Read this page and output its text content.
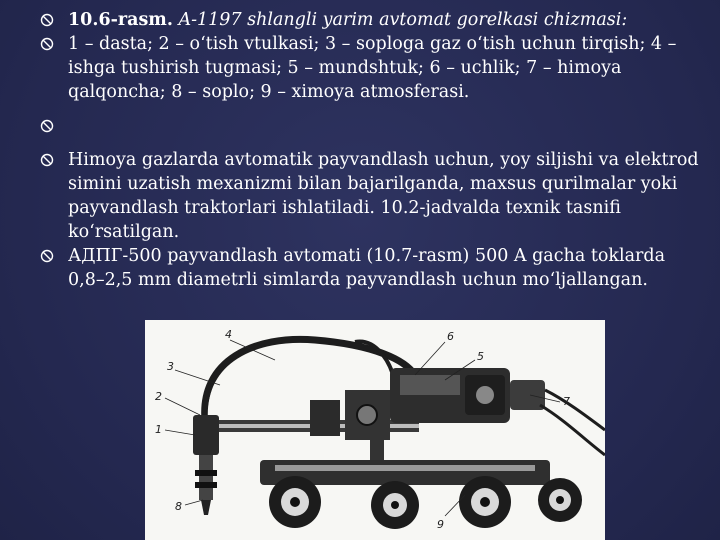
10.6-rasm. A-1197 shlangli yarim avtomat gorelkasi chizmasi:
1 – dasta; 2 – o‘tish vtulkasi; 3 – soploga gaz o‘tish uchun tirqish; 4 – ishga tushirish tugmasi; 5 – mundshtuk; 6 – uchlik; 7 – himoya qalqoncha; 8 – soplo; 9 – ximoya atmosferasi.
Himoya gazlarda avtomatik payvandlash uchun, yoy siljishi va elektrod simini uzatish mexanizmi bilan bajarilganda, maxsus qurilmalar yoki payvandlash traktorlari ishlatiladi. 10.2-jadvalda texnik tasnifi ko‘rsatilgan.
АДПГ-500 payvandlash avtomati (10.7-rasm) 500 A gacha toklarda 0,8–2,5 mm diametrli simlarda payvandlash uchun mo‘ljallangan.
4
3
2
1
6
5
7
8
9
